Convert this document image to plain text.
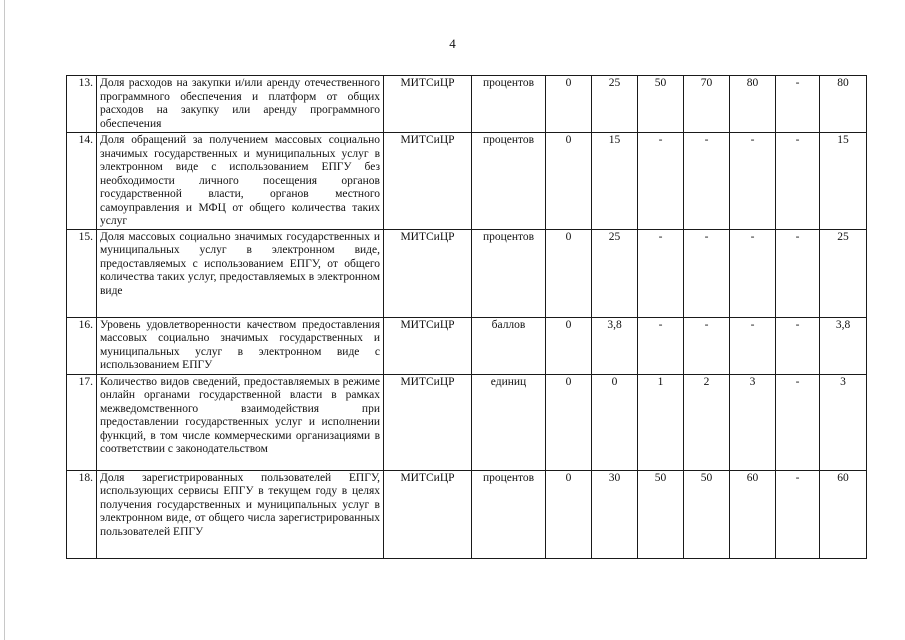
4
13.	Доля расходов на закупки и/или аренду отечественного программного обеспечения и платформ от общих расходов на закупку или аренду программного обеспечения	МИТСиЦР	процентов	0	25	50	70	80	-	80
14.	Доля обращений за получением массовых социально значимых государственных и муниципальных услуг в электронном виде с использованием ЕПГУ без необходимости личного посещения органов государственной власти, органов местного самоуправления и МФЦ от общего количества таких услуг	МИТСиЦР	процентов	0	15	-	-	-	-	15
15.	Доля массовых социально значимых государственных и муниципальных услуг в электронном виде, предоставляемых с использованием ЕПГУ, от общего количества таких услуг, предоставляемых в электронном виде	МИТСиЦР	процентов	0	25	-	-	-	-	25
16.	Уровень удовлетворенности качеством предоставления массовых социально значимых государственных и муниципальных услуг в электронном виде с использованием ЕПГУ	МИТСиЦР	баллов	0	3,8	-	-	-	-	3,8
17.	Количество видов сведений, предоставляемых в режиме онлайн органами государственной власти в рамках межведомственного взаимодействия при предоставлении государственных услуг и исполнении функций, в том числе коммерческими организациями в соответствии с законодательством	МИТСиЦР	единиц	0	0	1	2	3	-	3
18.	Доля зарегистрированных пользователей ЕПГУ, использующих сервисы ЕПГУ в текущем году в целях получения государственных и муниципальных услуг в электронном виде, от общего числа зарегистрированных пользователей ЕПГУ	МИТСиЦР	процентов	0	30	50	50	60	-	60
